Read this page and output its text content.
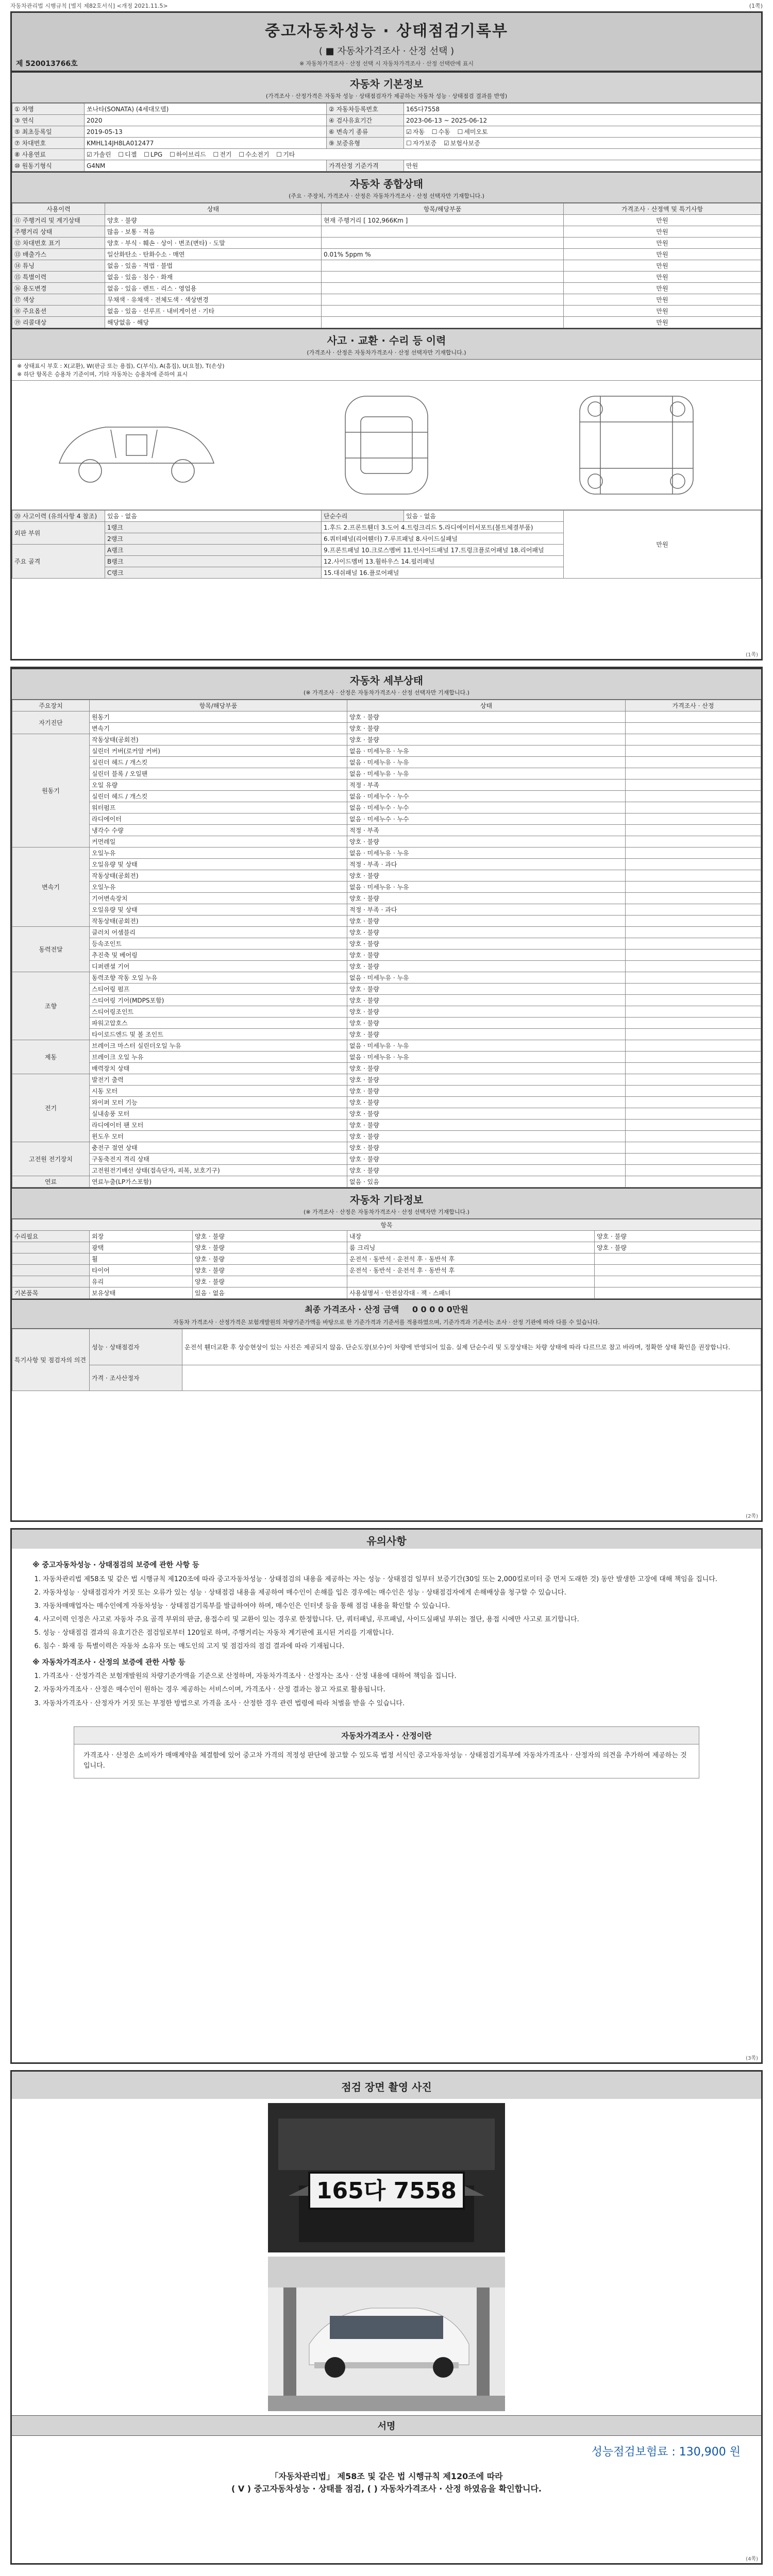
자동차관리법 시행규칙 [별지 제82호서식] <개정 2021.11.5>	(1쪽)
중고자동차성능 · 상태점검기록부
( ■ 자동차가격조사 · 산정 선택 )
※ 자동차가격조사 · 산정 선택 시 자동차가격조사 · 산정 선택란에 표시
제 520013766호
자동차 기본정보
(가격조사 · 산정가격은 자동차 성능 · 상태점검자가 제공하는 자동차 성능 · 상태점검 결과를 반영)
① 차명	쏘나타(SONATA) (4세대모델)	② 자동차등록번호	165다7558
③ 연식	2020	④ 검사유효기간	2023-06-13 ~ 2025-06-12
⑤ 최초등록일	2019-05-13	⑥ 변속기 종류	☑ 자동 ☐ 수동 ☐ 세미오토
⑦ 차대번호	KMHL14JH8LA012477	⑨ 보증유형	☐ 자가보증 ☑ 보험사보증
⑧ 사용연료	☑ 가솔린 ☐ 디젤 ☐ LPG ☐ 하이브리드 ☐ 전기 ☐ 수소전기 ☐ 기타
⑩ 원동기형식	G4NM	가격산정 기준가격	만원
자동차 종합상태
(주요 · 주장치, 가격조사 · 산정은 자동차가격조사 · 산정 선택자만 기재합니다.)
사용이력	상태	항목/해당부품	가격조사 · 산정액 및 특기사항
⑪ 주행거리 및 계기상태	양호 · 불량	현재 주행거리 [ 102,966Km ]	만원
주행거리 상태	많음 · 보통 · 적음		만원
⑫ 차대번호 표기	양호 · 부식 · 훼손 · 상이 · 변조(변타) · 도말		만원
⑬ 배출가스	일산화탄소 · 탄화수소 · 매연	0.01% 5ppm %	만원
⑭ 튜닝	없음 · 있음 · 적법 · 불법		만원
⑮ 특별이력	없음 · 있음 · 침수 · 화재		만원
⑯ 용도변경	없음 · 있음 · 렌트 · 리스 · 영업용		만원
⑰ 색상	무채색 · 유채색 · 전체도색 · 색상변경		만원
⑱ 주요옵션	없음 · 있음 · 선루프 · 내비게이션 · 기타		만원
⑲ 리콜대상	해당없음 · 해당		만원
사고 · 교환 · 수리 등 이력
(가격조사 · 산정은 자동차가격조사 · 산정 선택자만 기재합니다.)
※ 상태표시 부호 : X(교환), W(판금 또는 용접), C(부식), A(흠집), U(요철), T(손상)
※ 하단 항목은 승용차 기준이며, 기타 자동차는 승용차에 준하여 표시
⑳ 사고이력 (유의사항 4 참조)	있음 · 없음	단순수리	있음 · 없음	만원
외판 부위	1랭크	1.후드 2.프론트휀더 3.도어 4.트렁크리드 5.라디에이터서포트(볼트체결부품)		
	2랭크	6.쿼터패널(리어휀더) 7.루프패널 8.사이드실패널		
주요 골격	A랭크	9.프론트패널 10.크로스멤버 11.인사이드패널 17.트렁크플로어패널 18.리어패널		
	B랭크	12.사이드멤버 13.휠하우스 14.필러패널		
	C랭크	15.대쉬패널 16.플로어패널		
(1쪽)
자동차 세부상태
(※ 가격조사 · 산정은 자동차가격조사 · 산정 선택자만 기재합니다.)
주요장치	항목/해당부품	상태	가격조사 · 산정
자기진단	원동기	양호 · 불량	
	변속기	양호 · 불량	
원동기	작동상태(공회전)	양호 · 불량	
	실린더 커버(로커암 커버)	없음 · 미세누유 · 누유	
	실린더 헤드 / 개스킷	없음 · 미세누유 · 누유	
	실린더 블록 / 오일팬	없음 · 미세누유 · 누유	
	오일 유량	적정 · 부족	
	실린더 헤드 / 개스킷	없음 · 미세누수 · 누수	
	워터펌프	없음 · 미세누수 · 누수	
	라디에이터	없음 · 미세누수 · 누수	
	냉각수 수량	적정 · 부족	
	커먼레일	양호 · 불량	
변속기	오일누유	없음 · 미세누유 · 누유	
	오일유량 및 상태	적정 · 부족 · 과다	
	작동상태(공회전)	양호 · 불량	
	오일누유	없음 · 미세누유 · 누유	
	기어변속장치	양호 · 불량	
	오일유량 및 상태	적정 · 부족 · 과다	
	작동상태(공회전)	양호 · 불량	
동력전달	클러치 어셈블리	양호 · 불량	
	등속조인트	양호 · 불량	
	추진축 및 베어링	양호 · 불량	
	디퍼렌셜 기어	양호 · 불량	
조향	동력조향 작동 오일 누유	없음 · 미세누유 · 누유	
	스티어링 펌프	양호 · 불량	
	스티어링 기어(MDPS포함)	양호 · 불량	
	스티어링조인트	양호 · 불량	
	파워고압호스	양호 · 불량	
	타이로드엔드 및 볼 조인트	양호 · 불량	
제동	브레이크 마스터 실린더오일 누유	없음 · 미세누유 · 누유	
	브레이크 오일 누유	없음 · 미세누유 · 누유	
	배력장치 상태	양호 · 불량	
전기	발전기 출력	양호 · 불량	
	시동 모터	양호 · 불량	
	와이퍼 모터 기능	양호 · 불량	
	실내송풍 모터	양호 · 불량	
	라디에이터 팬 모터	양호 · 불량	
	윈도우 모터	양호 · 불량	
고전원 전기장치	충전구 절연 상태	양호 · 불량	
	구동축전지 격리 상태	양호 · 불량	
	고전원전기배선 상태(접속단자, 피복, 보호기구)	양호 · 불량	
연료	연료누출(LP가스포함)	없음 · 있음	
자동차 기타정보
(※ 가격조사 · 산정은 자동차가격조사 · 산정 선택자만 기재합니다.)
항목				
수리필요	외장	양호 · 불량	내장	양호 · 불량
	광택	양호 · 불량	룸 크리닝	양호 · 불량
	휠	양호 · 불량	운전석 · 동반석 · 운전석 후 · 동반석 후	
	타이어	양호 · 불량	운전석 · 동반석 · 운전석 후 · 동반석 후	
	유리	양호 · 불량		
기본품목	보유상태	있음 · 없음	사용설명서 · 안전삼각대 · 잭 · 스패너	
최종 가격조사 · 산정 금액 0 0 0 0 0만원
자동차 가격조사 · 산정가격은 보험개발원의 차량기준가액을 바탕으로 한 기준가격과 기준서를 적용하였으며, 기준가격과 기준서는 조사 · 산정 기관에 따라 다를 수 있습니다.
특기사항 및 점검자의 의견	성능 · 상태점검자	운전석 휀더교환 후 상승현상이 있는 사진은 제공되지 않음. 단순도장(보수)이 차량에 반영되어 있음. 실제 단순수리 및 도장상태는 차량 상태에 따라 다르므로 참고 바라며, 정확한 상태 확인을 권장합니다.
	가격 · 조사산정자	
(2쪽)
유의사항
※ 중고자동차성능 · 상태점검의 보증에 관한 사항 등
1. 자동차관리법 제58조 및 같은 법 시행규칙 제120조에 따라 중고자동차성능 · 상태점검의 내용을 제공하는 자는 성능 · 상태점검 일부터 보증기간(30일 또는 2,000킬로미터 중 먼저 도래한 것) 동안 발생한 고장에 대해 책임을 집니다.
2. 자동차성능 · 상태점검자가 거짓 또는 오류가 있는 성능 · 상태점검 내용을 제공하여 매수인이 손해를 입은 경우에는 매수인은 성능 · 상태점검자에게 손해배상을 청구할 수 있습니다.
3. 자동차매매업자는 매수인에게 자동차성능 · 상태점검기록부를 발급하여야 하며, 매수인은 인터넷 등을 통해 점검 내용을 확인할 수 있습니다.
4. 사고이력 인정은 사고로 자동차 주요 골격 부위의 판금, 용접수리 및 교환이 있는 경우로 한정합니다. 단, 쿼터패널, 루프패널, 사이드실패널 부위는 절단, 용접 시에만 사고로 표기합니다.
5. 성능 · 상태점검 결과의 유효기간은 점검일로부터 120일로 하며, 주행거리는 자동차 계기판에 표시된 거리를 기재합니다.
6. 침수 · 화재 등 특별이력은 자동차 소유자 또는 매도인의 고지 및 점검자의 점검 결과에 따라 기재됩니다.
※ 자동차가격조사 · 산정의 보증에 관한 사항 등
1. 가격조사 · 산정가격은 보험개발원의 차량기준가액을 기준으로 산정하며, 자동차가격조사 · 산정자는 조사 · 산정 내용에 대하여 책임을 집니다.
2. 자동차가격조사 · 산정은 매수인이 원하는 경우 제공하는 서비스이며, 가격조사 · 산정 결과는 참고 자료로 활용됩니다.
3. 자동차가격조사 · 산정자가 거짓 또는 부정한 방법으로 가격을 조사 · 산정한 경우 관련 법령에 따라 처벌을 받을 수 있습니다.
자동차가격조사 · 산정이란
가격조사 · 산정은 소비자가 매매계약을 체결함에 있어 중고차 가격의 적정성 판단에 참고할 수 있도록 법정 서식인 중고자동차성능 · 상태점검기록부에 자동차가격조사 · 산정자의 의견을 추가하여 제공하는 것입니다.
(3쪽)
점검 장면 촬영 사진
165다 7558
서명
성능점검보험료 : 130,900 원
「자동차관리법」 제58조 및 같은 법 시행규칙 제120조에 따라
( V ) 중고자동차성능 · 상태를 점검, ( ) 자동차가격조사 · 산정 하였음을 확인합니다.
(4쪽)
